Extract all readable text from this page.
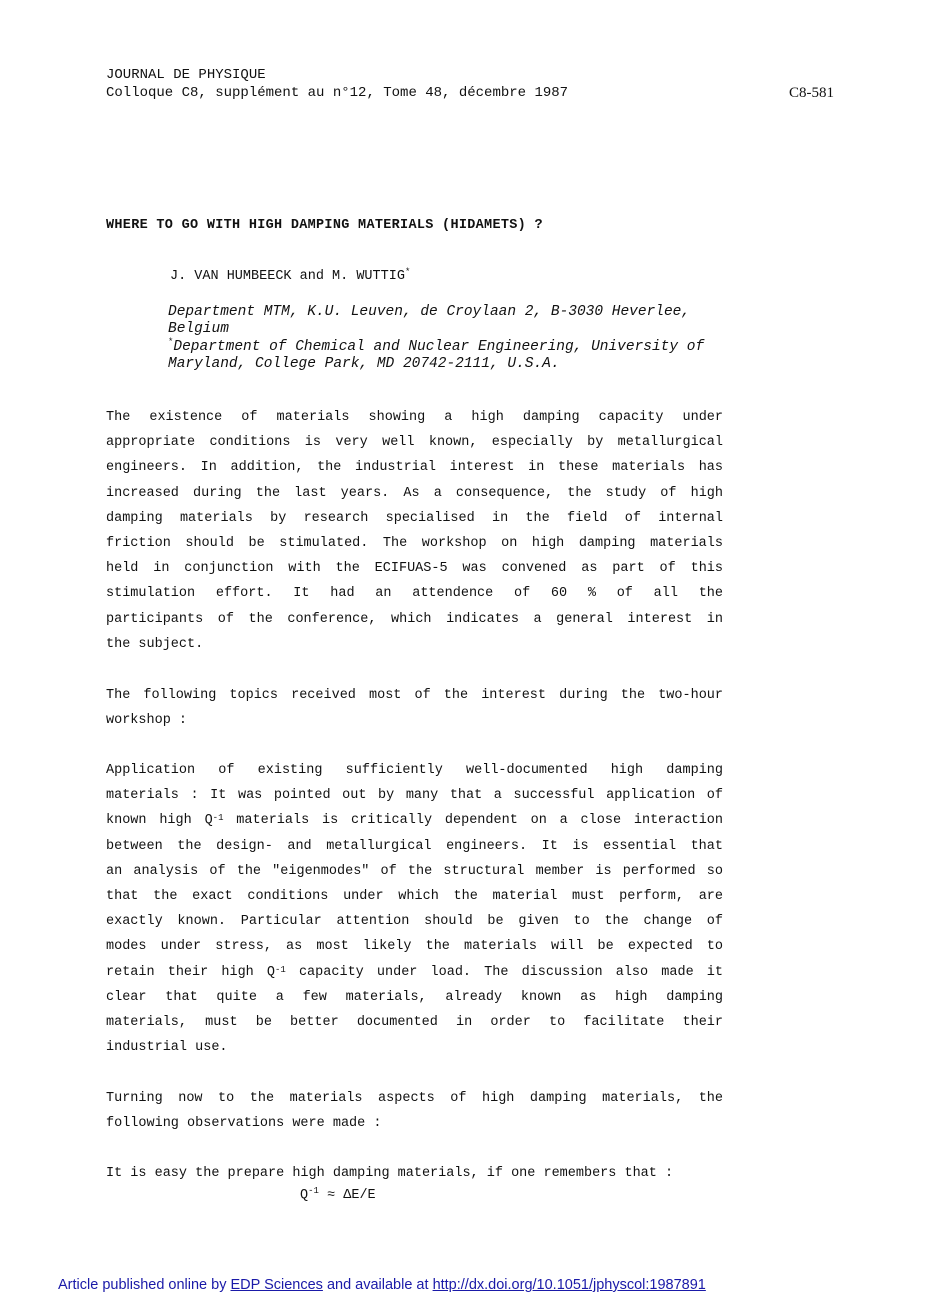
JOURNAL DE PHYSIQUE
Colloque C8, supplément au n°12, Tome 48, décembre 1987	C8-581
WHERE TO GO WITH HIGH DAMPING MATERIALS (HIDAMETS) ?
J. VAN HUMBEECK and M. WUTTIG*
Department MTM, K.U. Leuven, de Croylaan 2, B-3030 Heverlee,
Belgium
*Department of Chemical and Nuclear Engineering, University of
Maryland, College Park, MD 20742-2111, U.S.A.
The existence of materials showing a high damping capacity under
appropriate conditions is very well known, especially by metallurgical
engineers. In addition, the industrial interest in these materials has
increased during the last years. As a consequence, the study of high
damping materials by research specialised in the field of internal
friction should be stimulated. The workshop on high damping materials
held in conjunction with the ECIFUAS-5 was convened as part of this
stimulation effort. It had an attendence of 60 % of all the
participants of the conference, which indicates a general interest in
the subject.
The following topics received most of the interest during the two-hour
workshop :
Application of existing sufficiently well-documented high damping
materials : It was pointed out by many that a successful application of
known high $Q^{-1}$ materials is critically dependent on a close interaction
between the design- and metallurgical engineers. It is essential that
an analysis of the "eigenmodes" of the structural member is performed so
that the exact conditions under which the material must perform, are
exactly known. Particular attention should be given to the change of
modes under stress, as most likely the materials will be expected to
retain their high $Q^{-1}$ capacity under load. The discussion also made it
clear that quite a few materials, already known as high damping
materials, must be better documented in order to facilitate their
industrial use.
Turning now to the materials aspects of high damping materials, the
following observations were made :
It is easy the prepare high damping materials, if one remembers that :
$Q^{-1} \approx \Delta E/E$
Article published online by EDP Sciences and available at http://dx.doi.org/10.1051/jphyscol:1987891
